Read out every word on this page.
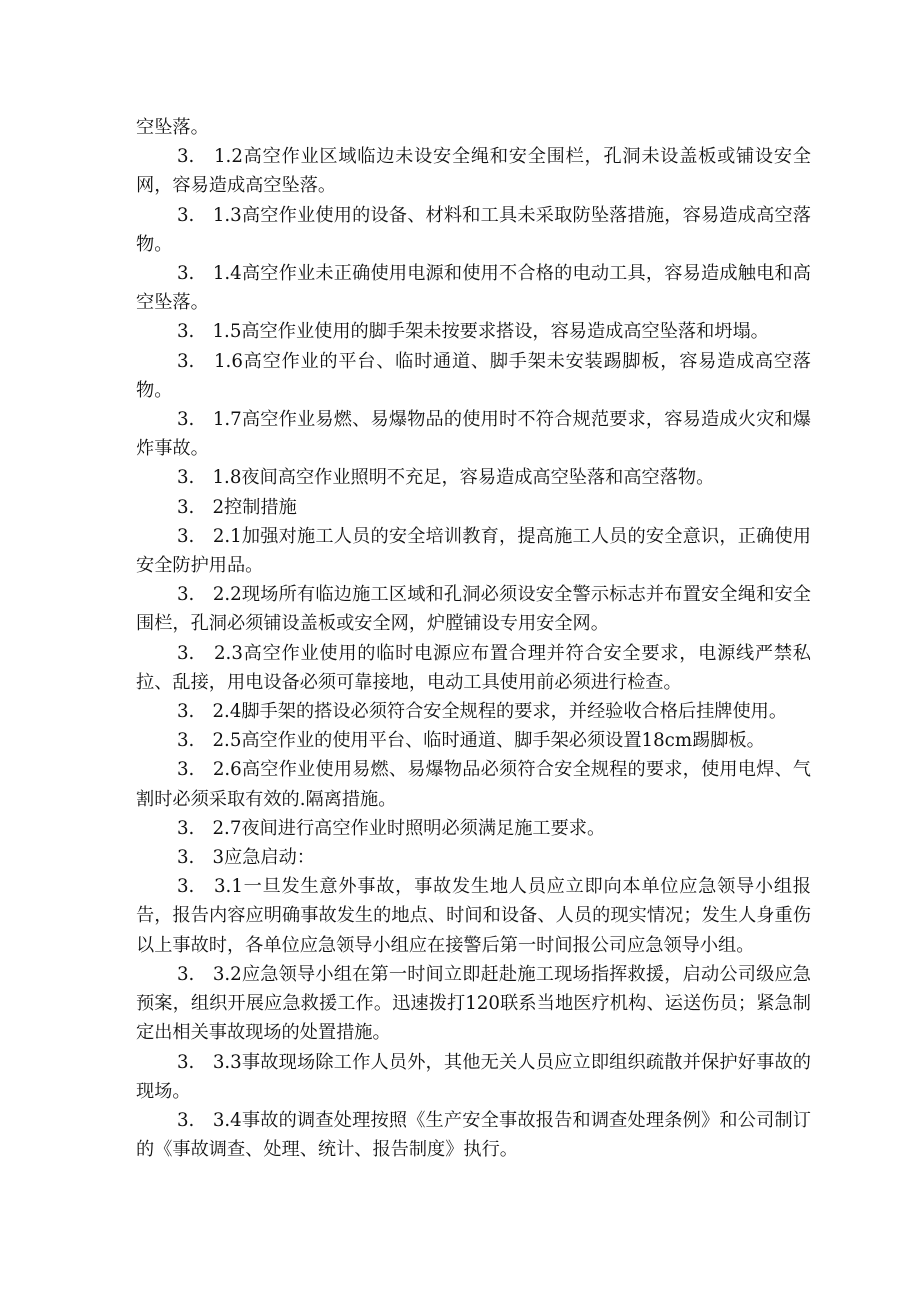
空坠落。

3.　1.2高空作业区域临边未设安全绳和安全围栏，孔洞未设盖板或铺设安全网，容易造成高空坠落。

3.　1.3高空作业使用的设备、材料和工具未采取防坠落措施，容易造成高空落物。

3.　1.4高空作业未正确使用电源和使用不合格的电动工具，容易造成触电和高空坠落。

3.　1.5高空作业使用的脚手架未按要求搭设，容易造成高空坠落和坍塌。

3.　1.6高空作业的平台、临时通道、脚手架未安装踢脚板，容易造成高空落物。

3.　1.7高空作业易燃、易爆物品的使用时不符合规范要求，容易造成火灾和爆炸事故。

3.　1.8夜间高空作业照明不充足，容易造成高空坠落和高空落物。

3.　2控制措施

3.　2.1加强对施工人员的安全培训教育，提高施工人员的安全意识，正确使用安全防护用品。

3.　2.2现场所有临边施工区域和孔洞必须设安全警示标志并布置安全绳和安全围栏，孔洞必须铺设盖板或安全网，炉膛铺设专用安全网。

3.　2.3高空作业使用的临时电源应布置合理并符合安全要求，电源线严禁私拉、乱接，用电设备必须可靠接地，电动工具使用前必须进行检查。

3.　2.4脚手架的搭设必须符合安全规程的要求，并经验收合格后挂牌使用。

3.　2.5高空作业的使用平台、临时通道、脚手架必须设置18cm踢脚板。

3.　2.6高空作业使用易燃、易爆物品必须符合安全规程的要求，使用电焊、气割时必须采取有效的.隔离措施。

3.　2.7夜间进行高空作业时照明必须满足施工要求。

3.　3应急启动：

3.　3.1一旦发生意外事故，事故发生地人员应立即向本单位应急领导小组报告，报告内容应明确事故发生的地点、时间和设备、人员的现实情况；发生人身重伤以上事故时，各单位应急领导小组应在接警后第一时间报公司应急领导小组。

3.　3.2应急领导小组在第一时间立即赶赴施工现场指挥救援，启动公司级应急预案，组织开展应急救援工作。迅速拨打120联系当地医疗机构、运送伤员；紧急制定出相关事故现场的处置措施。

3.　3.3事故现场除工作人员外，其他无关人员应立即组织疏散并保护好事故的现场。

3.　3.4事故的调查处理按照《生产安全事故报告和调查处理条例》和公司制订的《事故调查、处理、统计、报告制度》执行。
